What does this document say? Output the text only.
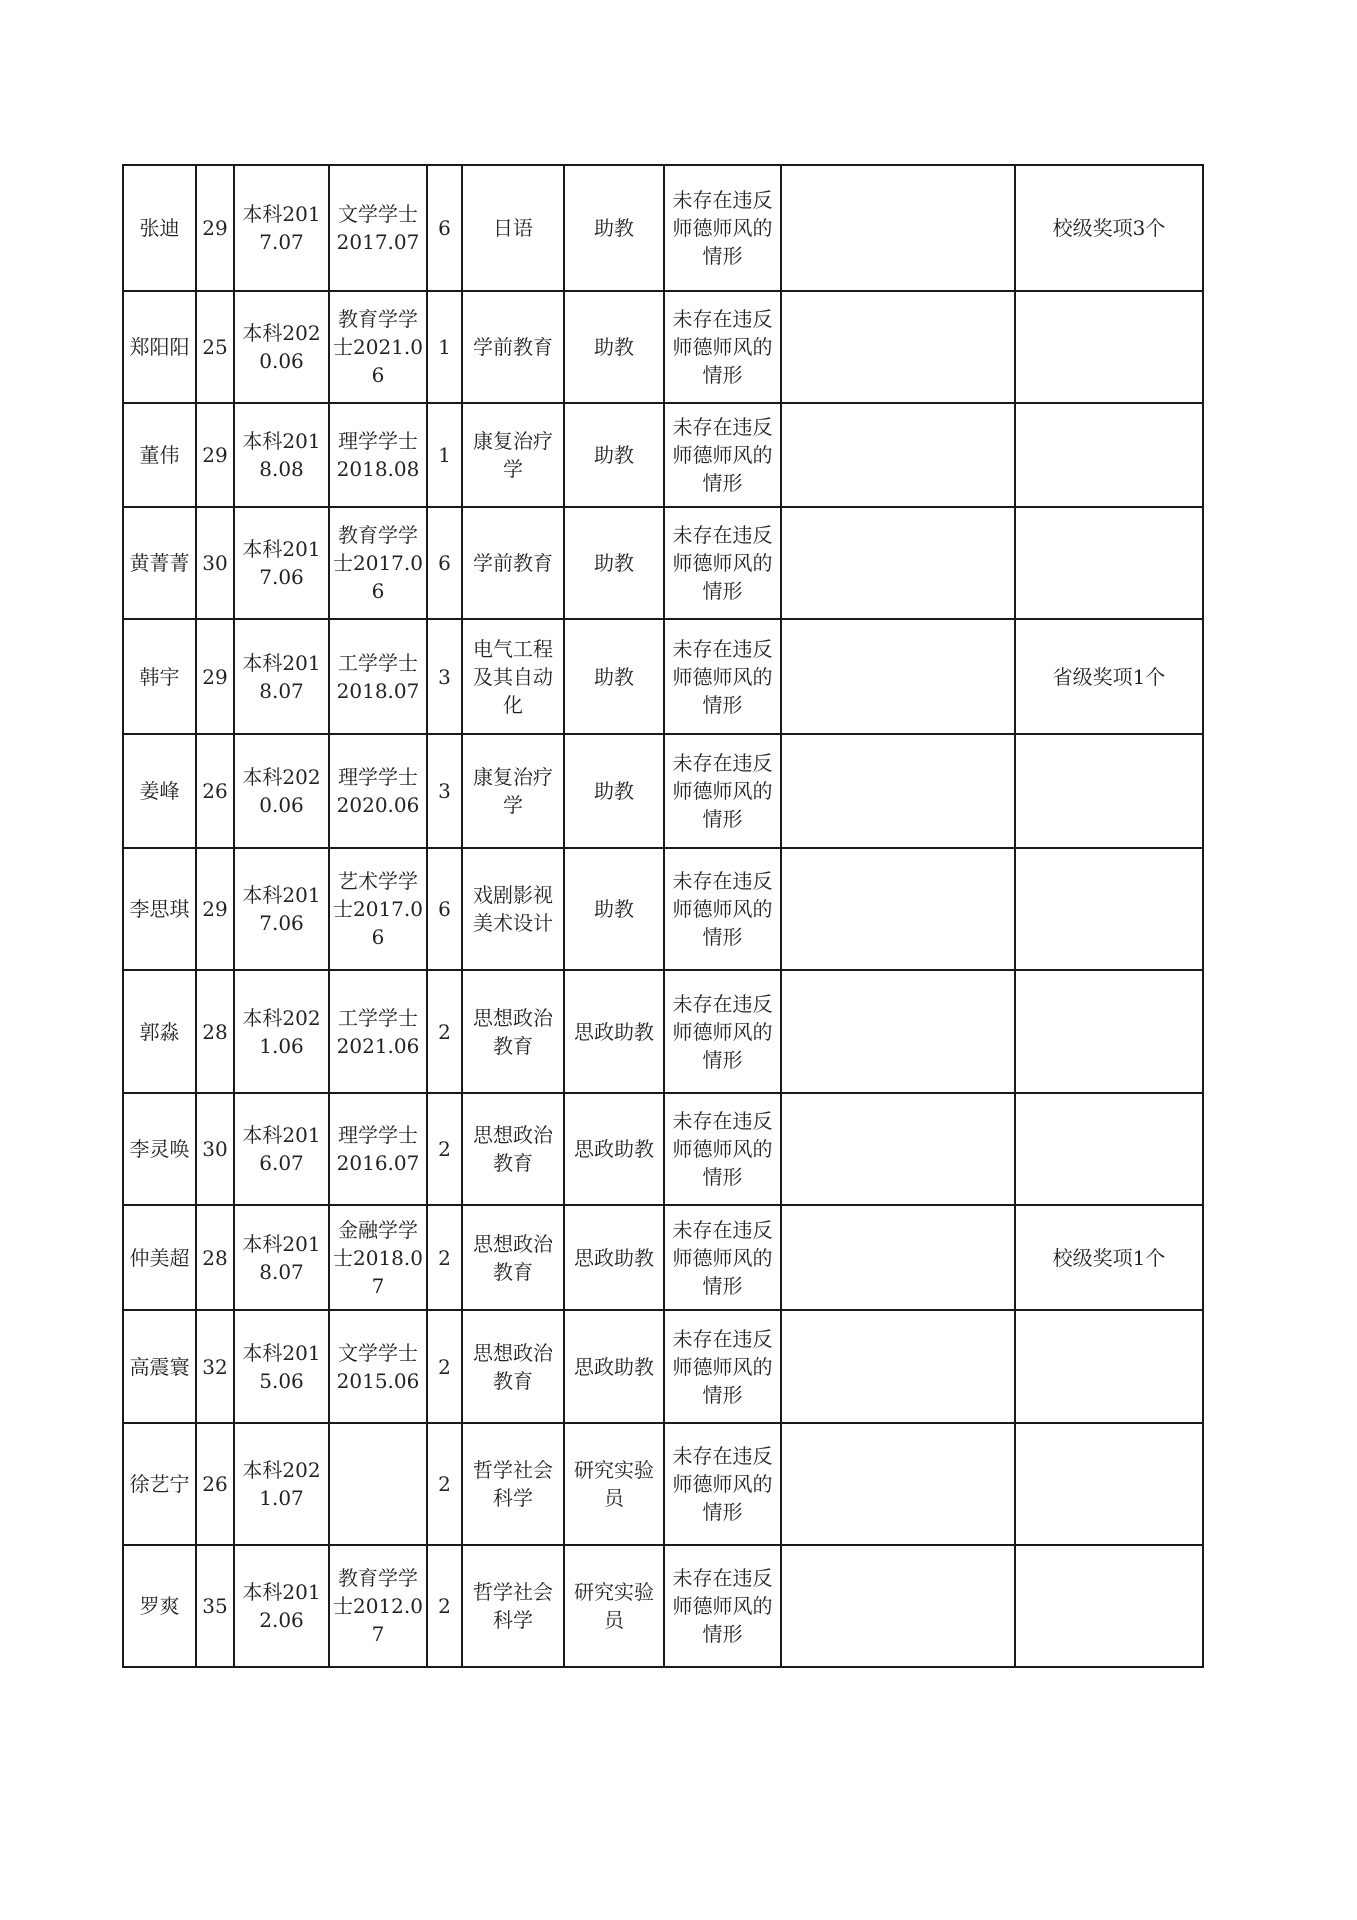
张迪	29	本科2017.07	文学学士2017.07	6	日语	助教	未存在违反师德师风的情形		校级奖项3个
郑阳阳	25	本科2020.06	教育学学士2021.06	1	学前教育	助教	未存在违反师德师风的情形		
董伟	29	本科2018.08	理学学士2018.08	1	康复治疗学	助教	未存在违反师德师风的情形		
黄菁菁	30	本科2017.06	教育学学士2017.06	6	学前教育	助教	未存在违反师德师风的情形		
韩宇	29	本科2018.07	工学学士2018.07	3	电气工程及其自动化	助教	未存在违反师德师风的情形		省级奖项1个
姜峰	26	本科2020.06	理学学士2020.06	3	康复治疗学	助教	未存在违反师德师风的情形		
李思琪	29	本科2017.06	艺术学学士2017.06	6	戏剧影视美术设计	助教	未存在违反师德师风的情形		
郭淼	28	本科2021.06	工学学士2021.06	2	思想政治教育	思政助教	未存在违反师德师风的情形		
李灵唤	30	本科2016.07	理学学士2016.07	2	思想政治教育	思政助教	未存在违反师德师风的情形		
仲美超	28	本科2018.07	金融学学士2018.07	2	思想政治教育	思政助教	未存在违反师德师风的情形		校级奖项1个
高震寰	32	本科2015.06	文学学士2015.06	2	思想政治教育	思政助教	未存在违反师德师风的情形		
徐艺宁	26	本科2021.07		2	哲学社会科学	研究实验员	未存在违反师德师风的情形		
罗爽	35	本科2012.06	教育学学士2012.07	2	哲学社会科学	研究实验员	未存在违反师德师风的情形		
